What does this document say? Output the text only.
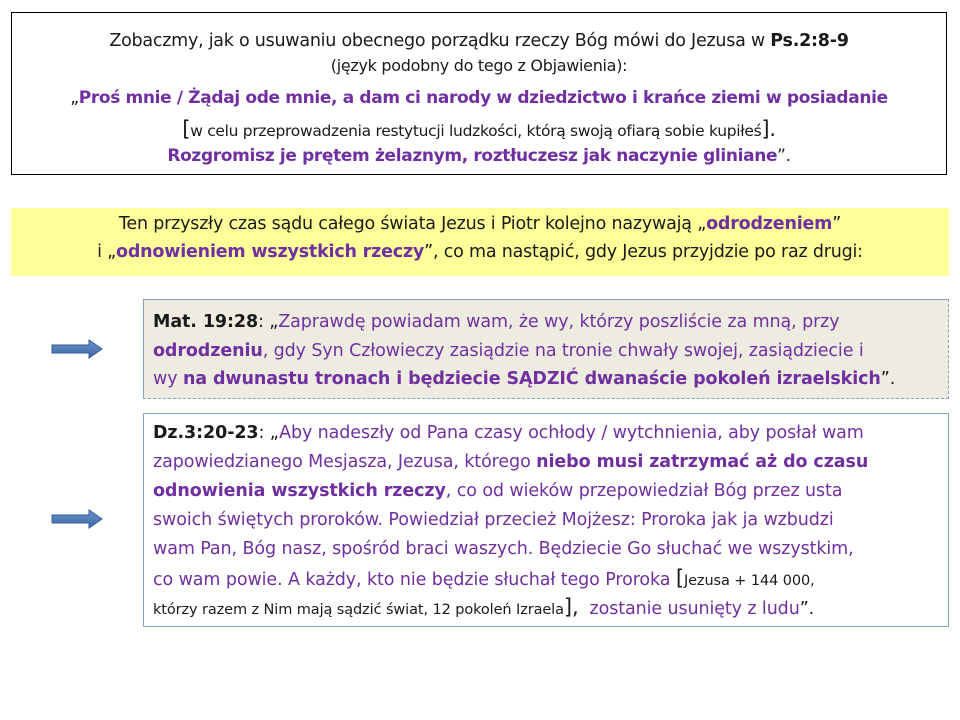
Zobaczmy, jak o usuwaniu obecnego porządku rzeczy Bóg mówi do Jezusa w Ps.2:8-9
(język podobny do tego z Objawienia):
„Proś mnie / Żądaj ode mnie, a dam ci narody w dziedzictwo i krańce ziemi w posiadanie
[w celu przeprowadzenia restytucji ludzkości, którą swoją ofiarą sobie kupiłeś].
Rozgromisz je prętem żelaznym, roztłuczesz jak naczynie gliniane”.
Ten przyszły czas sądu całego świata Jezus i Piotr kolejno nazywają „odrodzeniem”
i „odnowieniem wszystkich rzeczy”, co ma nastąpić, gdy Jezus przyjdzie po raz drugi:
Mat. 19:28: „Zaprawdę powiadam wam, że wy, którzy poszliście za mną, przy
odrodzeniu, gdy Syn Człowieczy zasiądzie na tronie chwały swojej, zasiądziecie i
wy na dwunastu tronach i będziecie SĄDZIĆ dwanaście pokoleń izraelskich”.
Dz.3:20-23: „Aby nadeszły od Pana czasy ochłody / wytchnienia, aby posłał wam
zapowiedzianego Mesjasza, Jezusa, którego niebo musi zatrzymać aż do czasu
odnowienia wszystkich rzeczy, co od wieków przepowiedział Bóg przez usta
swoich świętych proroków. Powiedział przecież Mojżesz: Proroka jak ja wzbudzi
wam Pan, Bóg nasz, spośród braci waszych. Będziecie Go słuchać we wszystkim,
co wam powie. A każdy, kto nie będzie słuchał tego Proroka [Jezusa + 144 000,
którzy razem z Nim mają sądzić świat, 12 pokoleń Izraela],  zostanie usunięty z ludu”.
